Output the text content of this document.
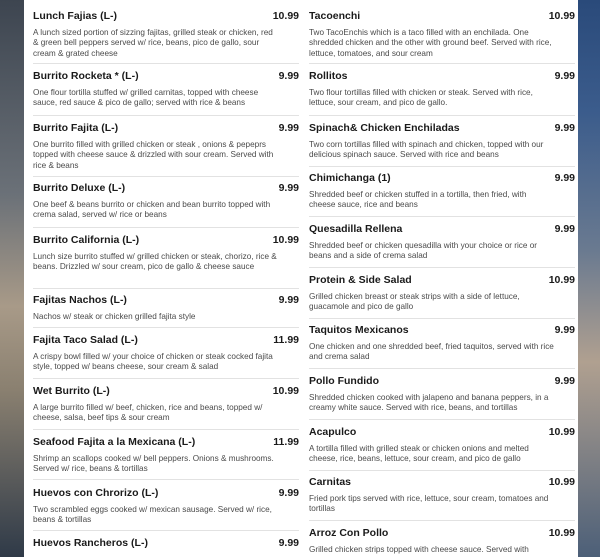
Lunch Fajias (L-)	10.99
A lunch sized portion of sizzing fajitas, grilled steak or chicken, red & green bell peppers served w/ rice, beans, pico de gallo, sour cream & grated cheese
Burrito Rocketa * (L-)	9.99
One flour tortilla stuffed w/ grilled carnitas, topped with cheese sauce, red sauce & pico de gallo; served with rice & beans
Burrito Fajita (L-)	9.99
One burrito filled with grilled chicken or steak , onions & pepeprs topped with cheese sauce & drizzled with sour cream. Served with rice & beans
Burrito Deluxe (L-)	9.99
One beef & beans burrito or chicken and bean burrito topped with crema salad, served w/ rice or beans
Burrito California (L-)	10.99
Lunch size burrito stuffed w/ grilled chicken or steak, chorizo, rice & beans. Drizzled w/ sour cream, pico de gallo & cheese sauce
Fajitas Nachos (L-)	9.99
Nachos w/ steak or chicken grilled fajita style
Fajita Taco Salad (L-)	11.99
A crispy bowl filled w/ your choice of chicken or steak cocked fajita style, topped w/ beans cheese, sour cream & salad
Wet Burrito (L-)	10.99
A large burrito filled w/ beef, chicken, rice and beans, topped w/ cheese, salsa, beef tips & sour cream
Seafood Fajita a la Mexicana (L-)	11.99
Shrimp an scallops cooked w/ bell peppers. Onions & mushrooms. Served w/ rice, beans & tortillas
Huevos con Chrorizo (L-)	9.99
Two scrambled eggs cooked w/ mexican sausage. Served w/ rice, beans & tortillas
Huevos Rancheros (L-)	9.99
Tacoenchi	10.99
Two TacoEnchis which is a taco filled with an enchilada. One shredded chicken and the other with ground beef. Served with rice, lettuce, tomatoes, and sour cream
Rollitos	9.99
Two flour tortillas filled with chicken or steak. Served with rice, lettuce, sour cream, and pico de gallo.
Spinach& Chicken Enchiladas	9.99
Two corn tortillas filled with spinach and chicken, topped with our delicious spinach sauce. Served with rice and beans
Chimichanga (1)	9.99
Shredded beef or chicken stuffed in a tortilla, then fried, with cheese sauce, rice and beans
Quesadilla Rellena	9.99
Shredded beef or chicken quesadilla with your choice or rice or beans and a side of crema salad
Protein & Side Salad	10.99
Grilled chicken breast or steak strips with a side of lettuce, guacamole and pico de gallo
Taquitos Mexicanos	9.99
One chicken and one shredded beef, fried taquitos, served with rice and crema salad
Pollo Fundido	9.99
Shredded chicken cooked with jalapeno and banana peppers, in a creamy white sauce. Served with rice, beans, and tortillas
Acapulco	10.99
A tortilla filled with grilled steak or chicken onions and melted cheese, rice, beans, lettuce, sour cream, and pico de gallo
Carnitas	10.99
Fried pork tips served with rice, lettuce, sour cream, tomatoes and tortillas
Arroz Con Pollo	10.99
Grilled chicken strips topped with cheese sauce. Served with
